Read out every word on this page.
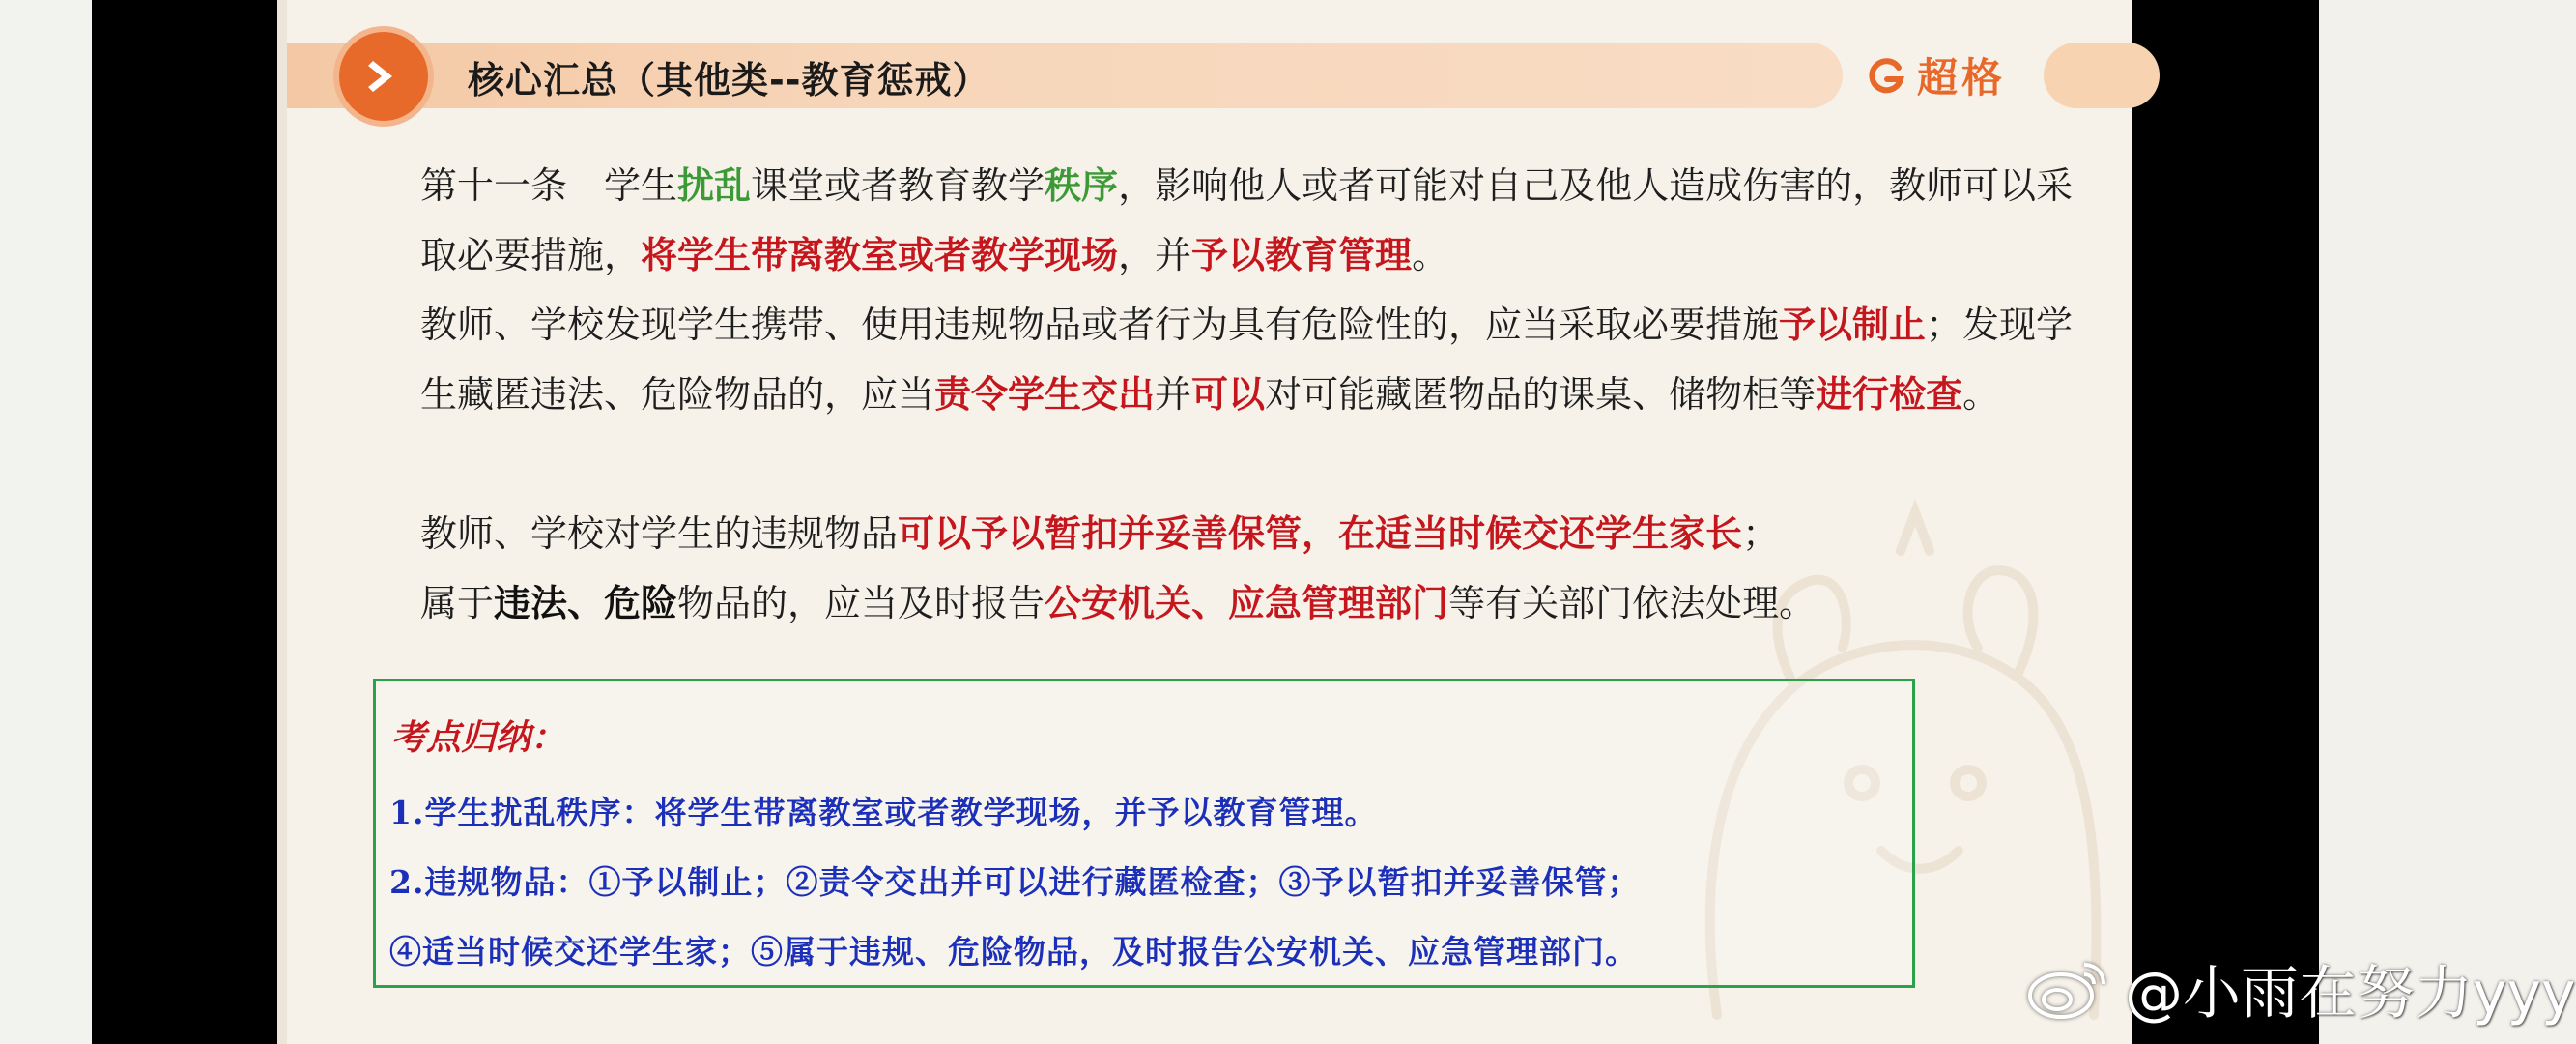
核心汇总（其他类--教育惩戒）	超格
第十一条　学生扰乱课堂或者教育教学秩序，影响他人或者可能对自己及他人造成伤害的，教师可以采取必要措施，将学生带离教室或者教学现场，并予以教育管理。
教师、学校发现学生携带、使用违规物品或者行为具有危险性的，应当采取必要措施予以制止；发现学生藏匿违法、危险物品的，应当责令学生交出并可以对可能藏匿物品的课桌、储物柜等进行检查。
教师、学校对学生的违规物品可以予以暂扣并妥善保管，在适当时候交还学生家长；
属于违法、危险物品的，应当及时报告公安机关、应急管理部门等有关部门依法处理。
考点归纳：
1.学生扰乱秩序：将学生带离教室或者教学现场，并予以教育管理。
2.违规物品：①予以制止；②责令交出并可以进行藏匿检查；③予以暂扣并妥善保管；
④适当时候交还学生家；⑤属于违规、危险物品，及时报告公安机关、应急管理部门。
@小雨在努力yyy
